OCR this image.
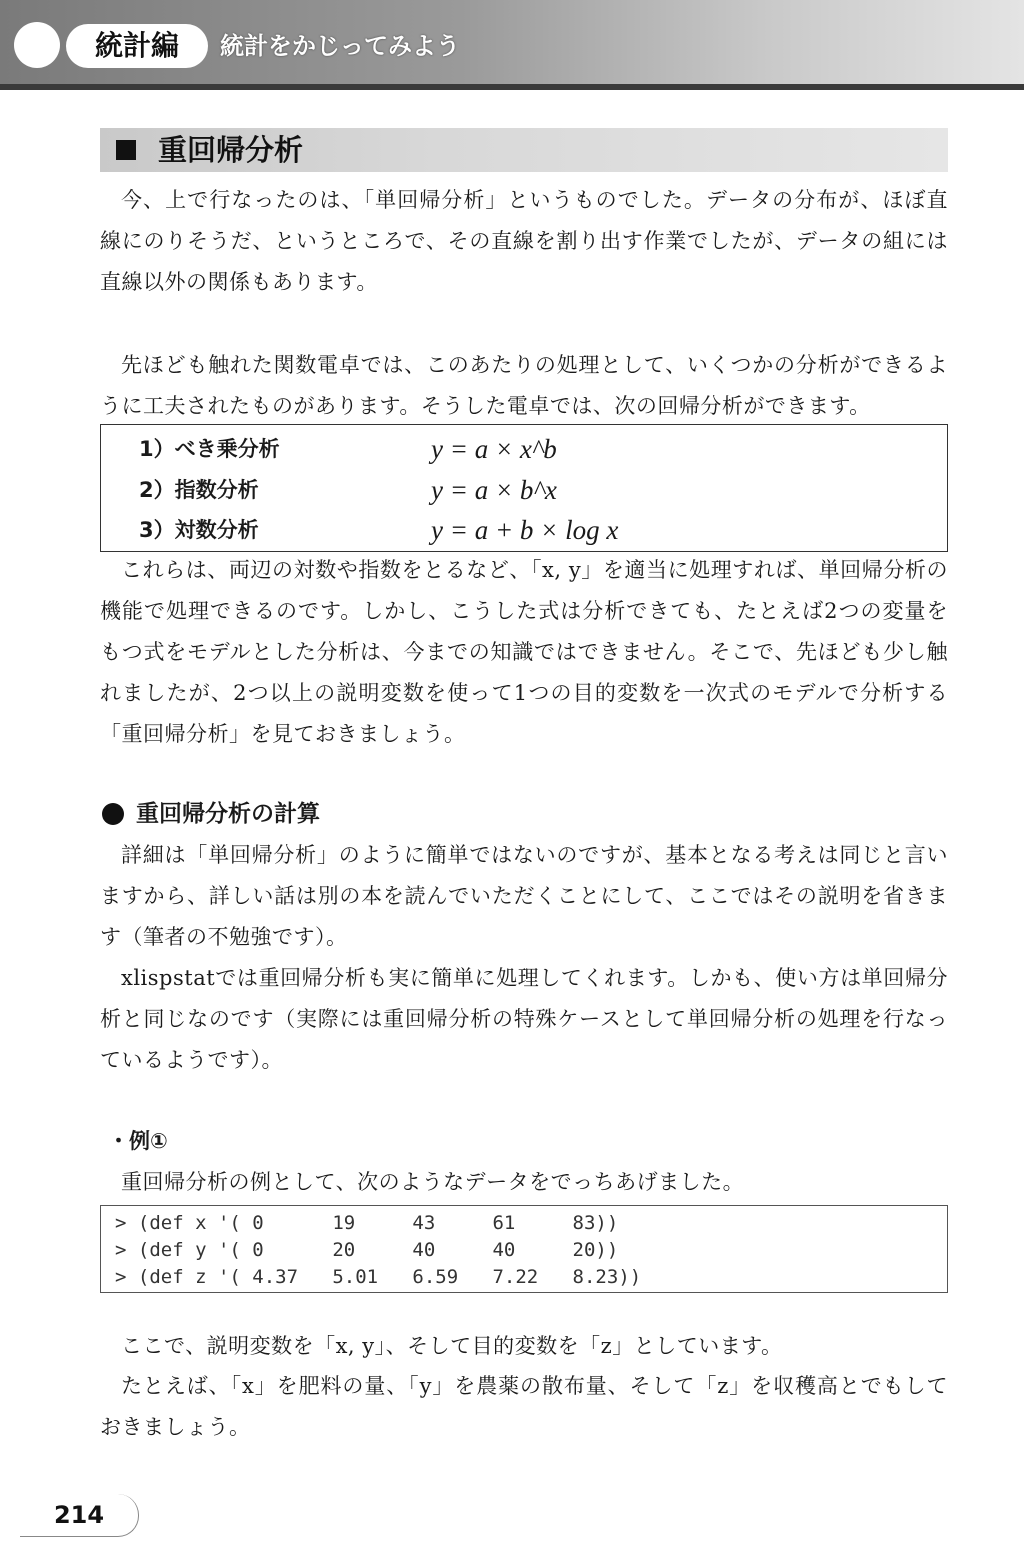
統計編	統計をかじってみよう
重回帰分析

今、上で行なったのは、「単回帰分析」というものでした。データの分布が、ほぼ直線にのりそうだ、というところで、その直線を割り出す作業でしたが、データの組には直線以外の関係もあります。

先ほども触れた関数電卓では、このあたりの処理として、いくつかの分析ができるように工夫されたものがあります。そうした電卓では、次の回帰分析ができます。

1）べき乗分析	y = a × x^b
2）指数分析	y = a × b^x
3）対数分析	y = a + b × log x

これらは、両辺の対数や指数をとるなど、「x, y」を適当に処理すれば、単回帰分析の機能で処理できるのです。しかし、こうした式は分析できても、たとえば2つの変量をもつ式をモデルとした分析は、今までの知識ではできません。そこで、先ほども少し触れましたが、2つ以上の説明変数を使って1つの目的変数を一次式のモデルで分析する「重回帰分析」を見ておきましょう。

重回帰分析の計算

詳細は「単回帰分析」のように簡単ではないのですが、基本となる考えは同じと言いますから、詳しい話は別の本を読んでいただくことにして、ここではその説明を省きます（筆者の不勉強です）。

xlispstatでは重回帰分析も実に簡単に処理してくれます。しかも、使い方は単回帰分析と同じなのです（実際には重回帰分析の特殊ケースとして単回帰分析の処理を行なっているようです）。

・例①

重回帰分析の例として、次のようなデータをでっちあげました。

> (def x '( 0      19     43     61     83))
> (def y '( 0      20     40     40     20))
> (def z '( 4.37   5.01   6.59   7.22   8.23))

ここで、説明変数を「x, y」、そして目的変数を「z」としています。

たとえば、「x」を肥料の量、「y」を農薬の散布量、そして「z」を収穫高とでもしておきましょう。

214
